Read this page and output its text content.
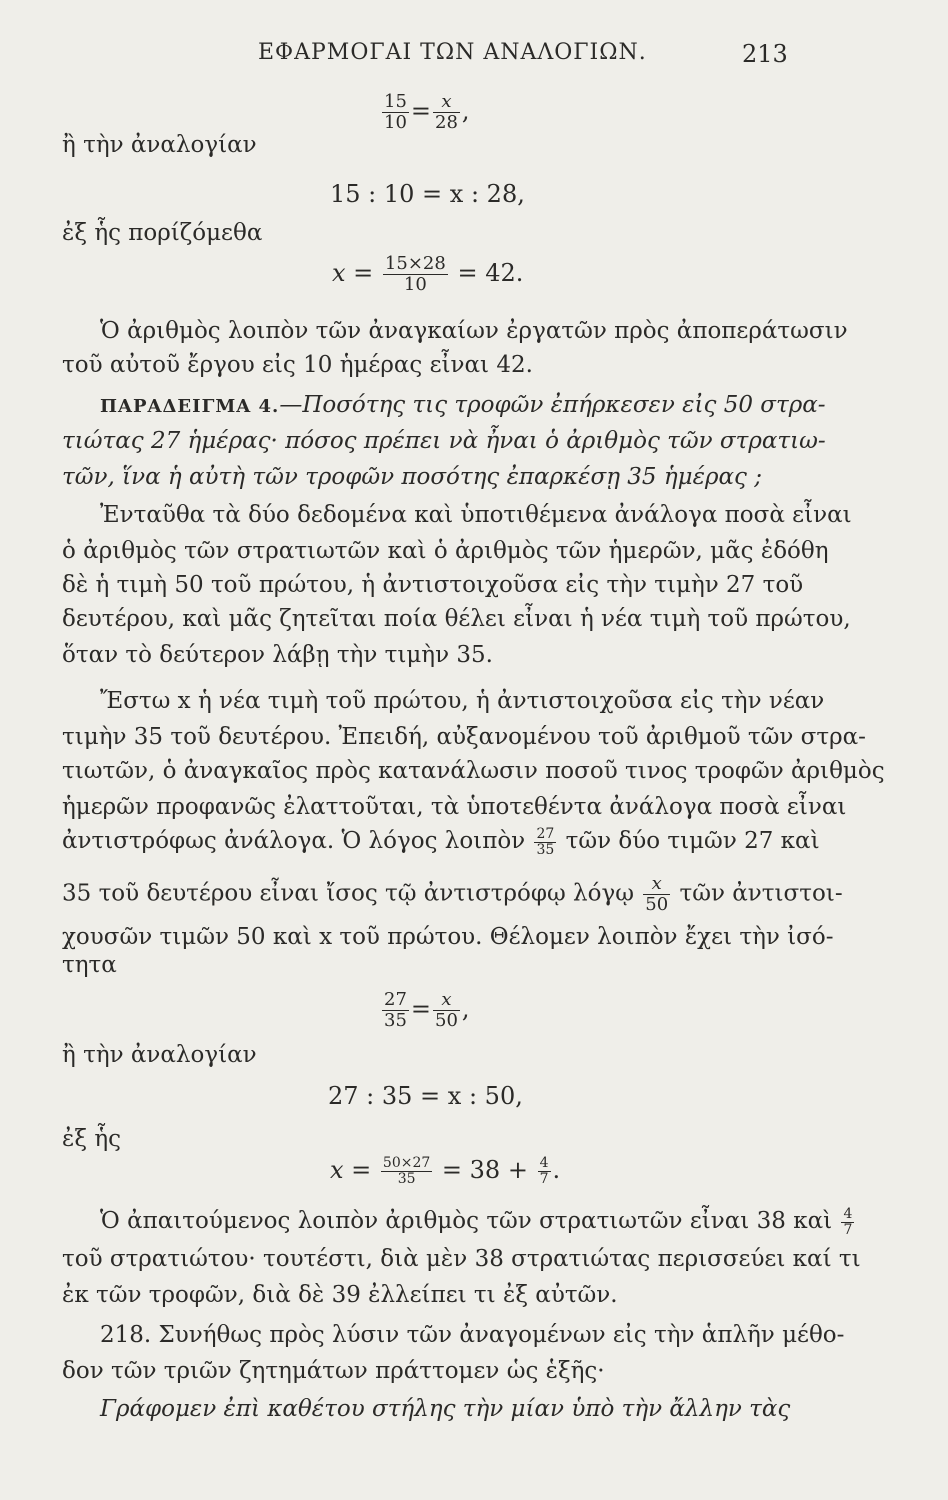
ΕΦΑΡΜΟΓΑΙ ΤΩΝ ΑΝΑΛΟΓΙΩΝ.	213
$\frac{15}{10} = \frac{x}{28}$ ,
ἢ τὴν ἀναλογίαν
15 : 10 = x : 28,
ἐξ ἧς πορίζόμεθα
$x = \frac{15\times 28}{10} = 42$.
Ὁ ἀριθμὸς λοιπὸν τῶν ἀναγκαίων ἐργατῶν πρὸς ἀποπεράτωσιν
τοῦ αὐτοῦ ἔργου εἰς 10 ἡμέρας εἶναι 42.
ΠΑΡΑΔΕΙΓΜΑ 4.—Ποσότης τις τροφῶν ἐπήρκεσεν εἰς 50 στρα-
τιώτας 27 ἡμέρας· πόσος πρέπει νὰ ἦναι ὁ ἀριθμὸς τῶν στρατιω-
τῶν, ἵνα ἡ αὐτὴ τῶν τροφῶν ποσότης ἐπαρκέσῃ 35 ἡμέρας ;
Ἐνταῦθα τὰ δύο δεδομένα καὶ ὑποτιθέμενα ἀνάλογα ποσὰ εἶναι
ὁ ἀριθμὸς τῶν στρατιωτῶν καὶ ὁ ἀριθμὸς τῶν ἡμερῶν, μᾶς ἐδόθη
δὲ ἡ τιμὴ 50 τοῦ πρώτου, ἡ ἀντιστοιχοῦσα εἰς τὴν τιμὴν 27 τοῦ
δευτέρου, καὶ μᾶς ζητεῖται ποία θέλει εἶναι ἡ νέα τιμὴ τοῦ πρώτου,
ὅταν τὸ δεύτερον λάβῃ τὴν τιμὴν 35.
Ἔστω x ἡ νέα τιμὴ τοῦ πρώτου, ἡ ἀντιστοιχοῦσα εἰς τὴν νέαν
τιμὴν 35 τοῦ δευτέρου. Ἐπειδή, αὐξανομένου τοῦ ἀριθμοῦ τῶν στρα-
τιωτῶν, ὁ ἀναγκαῖος πρὸς κατανάλωσιν ποσοῦ τινος τροφῶν ἀριθμὸς
ἡμερῶν προφανῶς ἐλαττοῦται, τὰ ὑποτεθέντα ἀνάλογα ποσὰ εἶναι
ἀντιστρόφως ἀνάλογα. Ὁ λόγος λοιπὸν $\frac{27}{35}$ τῶν δύο τιμῶν 27 καὶ
35 τοῦ δευτέρου εἶναι ἴσος τῷ ἀντιστρόφῳ λόγῳ $\frac{x}{50}$ τῶν ἀντιστοι-
χουσῶν τιμῶν 50 καὶ x τοῦ πρώτου. Θέλομεν λοιπὸν ἔχει τὴν ἰσό-
τητα
$\frac{27}{35} = \frac{x}{50}$ ,
ἢ τὴν ἀναλογίαν
27 : 35 = x : 50,
ἐξ ἧς
$x = \frac{50\times 27}{35} = 38 + \frac{4}{7}$ .
Ὁ ἀπαιτούμενος λοιπὸν ἀριθμὸς τῶν στρατιωτῶν εἶναι 38 καὶ $\frac{4}{7}$
τοῦ στρατιώτου· τουτέστι, διὰ μὲν 38 στρατιώτας περισσεύει καί τι
ἐκ τῶν τροφῶν, διὰ δὲ 39 ἐλλείπει τι ἐξ αὐτῶν.
218. Συνήθως πρὸς λύσιν τῶν ἀναγομένων εἰς τὴν ἁπλῆν μέθο-
δον τῶν τριῶν ζητημάτων πράττομεν ὡς ἑξῆς·
Γράφομεν ἐπὶ καθέτου στήλης τὴν μίαν ὑπὸ τὴν ἄλλην τὰς
